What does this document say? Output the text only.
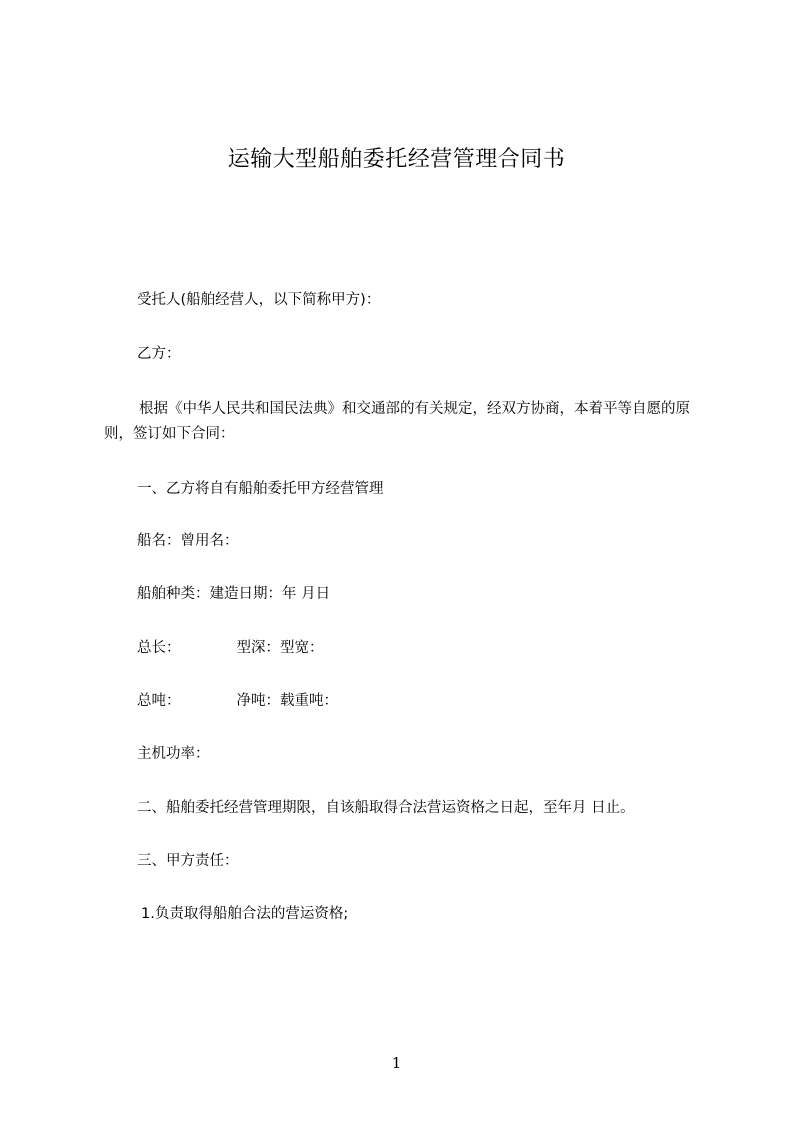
运输大型船舶委托经营管理合同书

受托人(船舶经营人，以下简称甲方)：

乙方：

根据《中华人民共和国民法典》和交通部的有关规定，经双方协商，本着平等自愿的原则，签订如下合同：

一、乙方将自有船舶委托甲方经营管理

船名：曾用名：

船舶种类：建造日期：年 月日

总长：	型深：型宽：

总吨：	净吨：载重吨：

主机功率：

二、船舶委托经营管理期限，自该船取得合法营运资格之日起，至年月 日止。

三、甲方责任：

1.负责取得船舶合法的营运资格;

1
